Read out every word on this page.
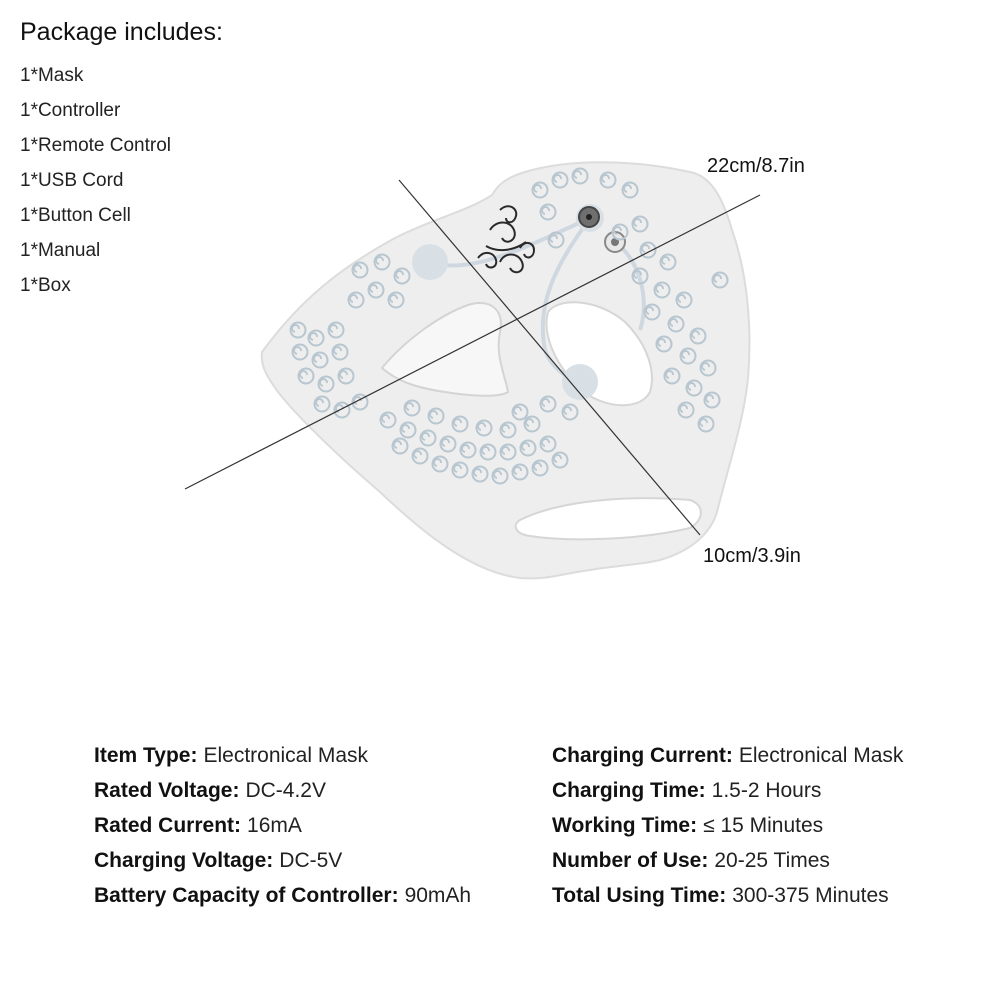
Package includes:
1*Mask
1*Controller
1*Remote Control
1*USB Cord
1*Button Cell
1*Manual
1*Box
22cm/8.7in
10cm/3.9in
Item Type : Electronical Mask
Rated Voltage : DC-4.2V
Rated Current : 16mA
Charging Voltage : DC-5V
Battery Capacity of Controller : 90mAh
Charging Current : Electronical Mask
Charging Time : 1.5-2 Hours
Working Time : ≤ 15 Minutes
Number of Use : 20-25 Times
Total Using Time : 300-375 Minutes
